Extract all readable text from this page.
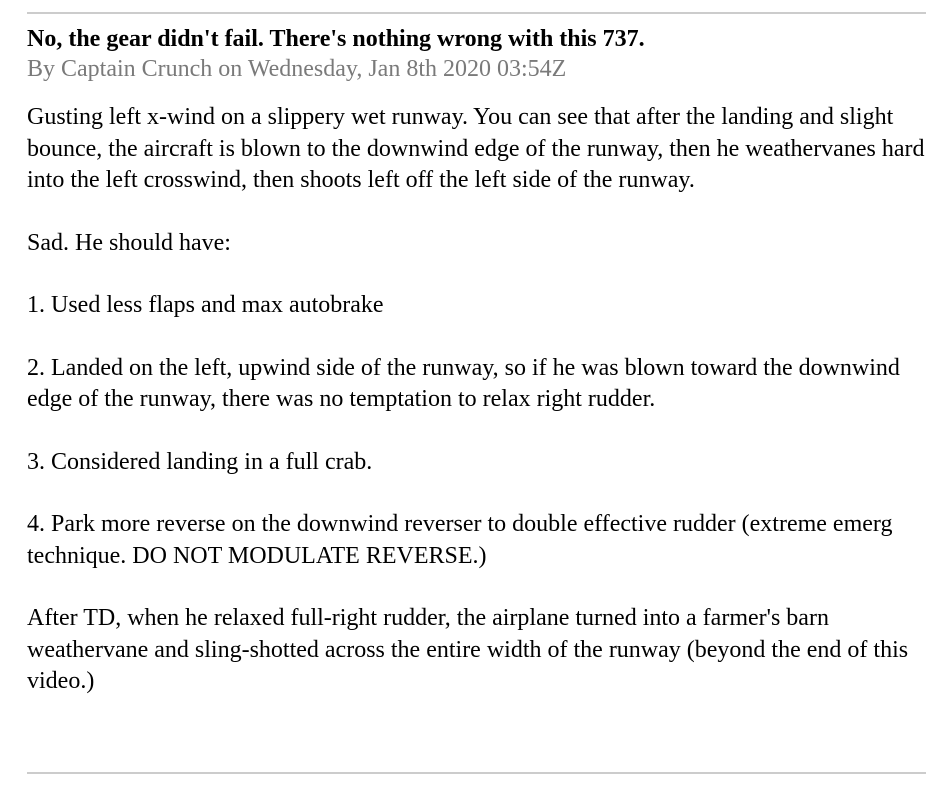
No, the gear didn't fail. There's nothing wrong with this 737.
By Captain Crunch on Wednesday, Jan 8th 2020 03:54Z

Gusting left x-wind on a slippery wet runway. You can see that after the landing and slight bounce, the aircraft is blown to the downwind edge of the runway, then he weathervanes hard into the left crosswind, then shoots left off the left side of the runway.

Sad. He should have:

1. Used less flaps and max autobrake

2. Landed on the left, upwind side of the runway, so if he was blown toward the downwind edge of the runway, there was no temptation to relax right rudder.

3. Considered landing in a full crab.

4. Park more reverse on the downwind reverser to double effective rudder (extreme emerg technique. DO NOT MODULATE REVERSE.)

After TD, when he relaxed full-right rudder, the airplane turned into a farmer's barn weathervane and sling-shotted across the entire width of the runway (beyond the end of this video.)
